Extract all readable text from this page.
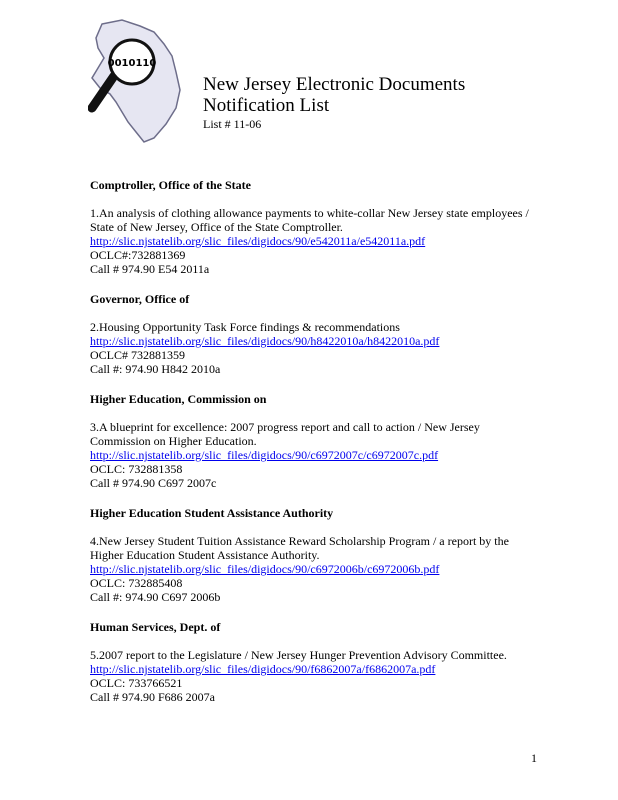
0010110
New Jersey Electronic Documents
Notification List
List # 11-06
Comptroller, Office of the State
1.An analysis of clothing allowance payments to white-collar New Jersey state employees /
State of New Jersey, Office of the State Comptroller.
http://slic.njstatelib.org/slic_files/digidocs/90/e542011a/e542011a.pdf
OCLC#:732881369
Call # 974.90 E54 2011a
Governor, Office of
2.Housing Opportunity Task Force findings & recommendations
http://slic.njstatelib.org/slic_files/digidocs/90/h8422010a/h8422010a.pdf
OCLC# 732881359
Call #: 974.90 H842 2010a
Higher Education, Commission on
3.A blueprint for excellence: 2007 progress report and call to action / New Jersey
Commission on Higher Education.
http://slic.njstatelib.org/slic_files/digidocs/90/c6972007c/c6972007c.pdf
OCLC: 732881358
Call # 974.90 C697 2007c
Higher Education Student Assistance Authority
4.New Jersey Student Tuition Assistance Reward Scholarship Program / a report by the
Higher Education Student Assistance Authority.
http://slic.njstatelib.org/slic_files/digidocs/90/c6972006b/c6972006b.pdf
OCLC: 732885408
Call #: 974.90 C697 2006b
Human Services, Dept. of
5.2007 report to the Legislature / New Jersey Hunger Prevention Advisory Committee.
http://slic.njstatelib.org/slic_files/digidocs/90/f6862007a/f6862007a.pdf
OCLC: 733766521
Call # 974.90 F686 2007a
1
